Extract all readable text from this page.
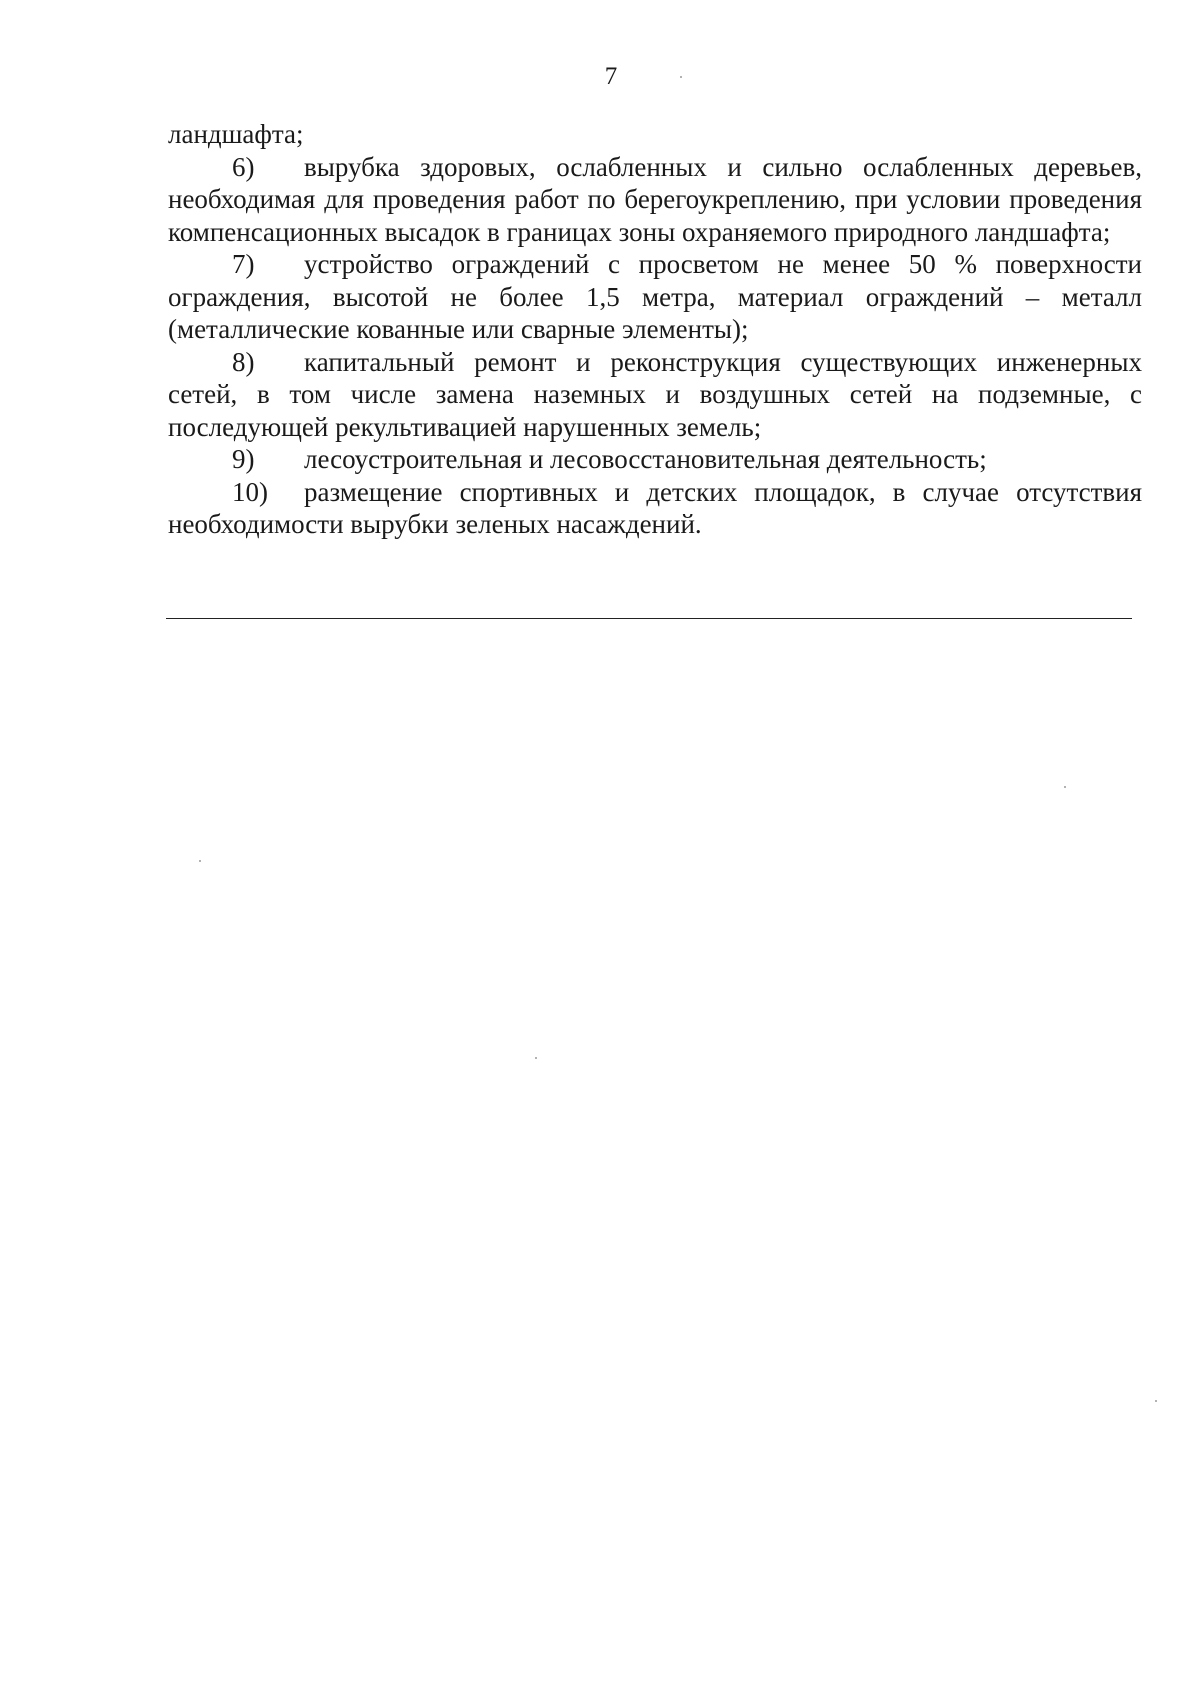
7

ландшафта;

6) вырубка здоровых, ослабленных и сильно ослабленных деревьев, необходимая для проведения работ по берегоукреплению, при условии проведения компенсационных высадок в границах зоны охраняемого природного ландшафта;

7) устройство ограждений с просветом не менее 50 % поверхности ограждения, высотой не более 1,5 метра, материал ограждений – металл (металлические кованные или сварные элементы);

8) капитальный ремонт и реконструкция существующих инженерных сетей, в том числе замена наземных и воздушных сетей на подземные, с последующей рекультивацией нарушенных земель;

9) лесоустроительная и лесовосстановительная деятельность;

10) размещение спортивных и детских площадок, в случае отсутствия необходимости вырубки зеленых насаждений.
